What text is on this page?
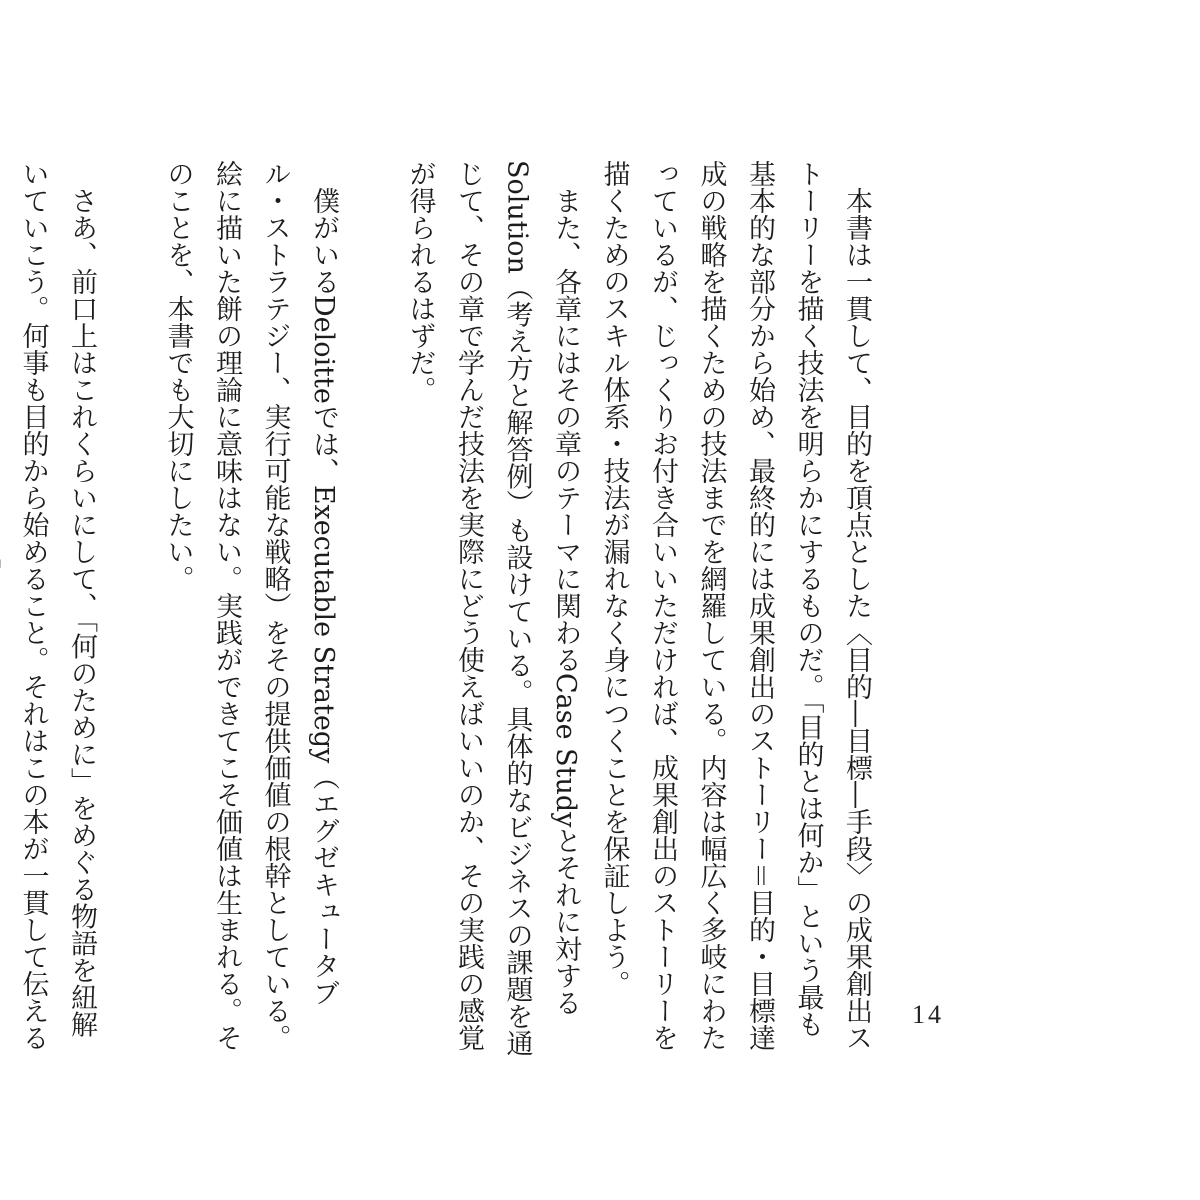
本書は一貫して、目的を頂点とした〈目的―目標―手段〉の成果創出ストーリーを描く技法を明らかにするものだ。「目的とは何か」という最も基本的な部分から始め、最終的には成果創出のストーリー＝目的・目標達成の戦略を描くための技法までを網羅している。内容は幅広く多岐にわたっているが、じっくりお付き合いいただければ、成果創出のストーリーを描くためのスキル体系・技法が漏れなく身につくことを保証しよう。

また、各章にはその章のテーマに関わるCase Studyとそれに対するSolution（考え方と解答例）も設けている。具体的なビジネスの課題を通じて、その章で学んだ技法を実際にどう使えばいいのか、その実践の感覚が得られるはずだ。

僕がいるDeloitteでは、Executable Strategy（エグゼキュータブル・ストラテジー、実行可能な戦略）をその提供価値の根幹としている。絵に描いた餅の理論に意味はない。実践ができてこそ価値は生まれる。そのことを、本書でも大切にしたい。

さあ、前口上はこれくらいにして、「何のために」をめぐる物語を紐解いていこう。何事も目的から始めること。それはこの本が一貫して伝える

14
